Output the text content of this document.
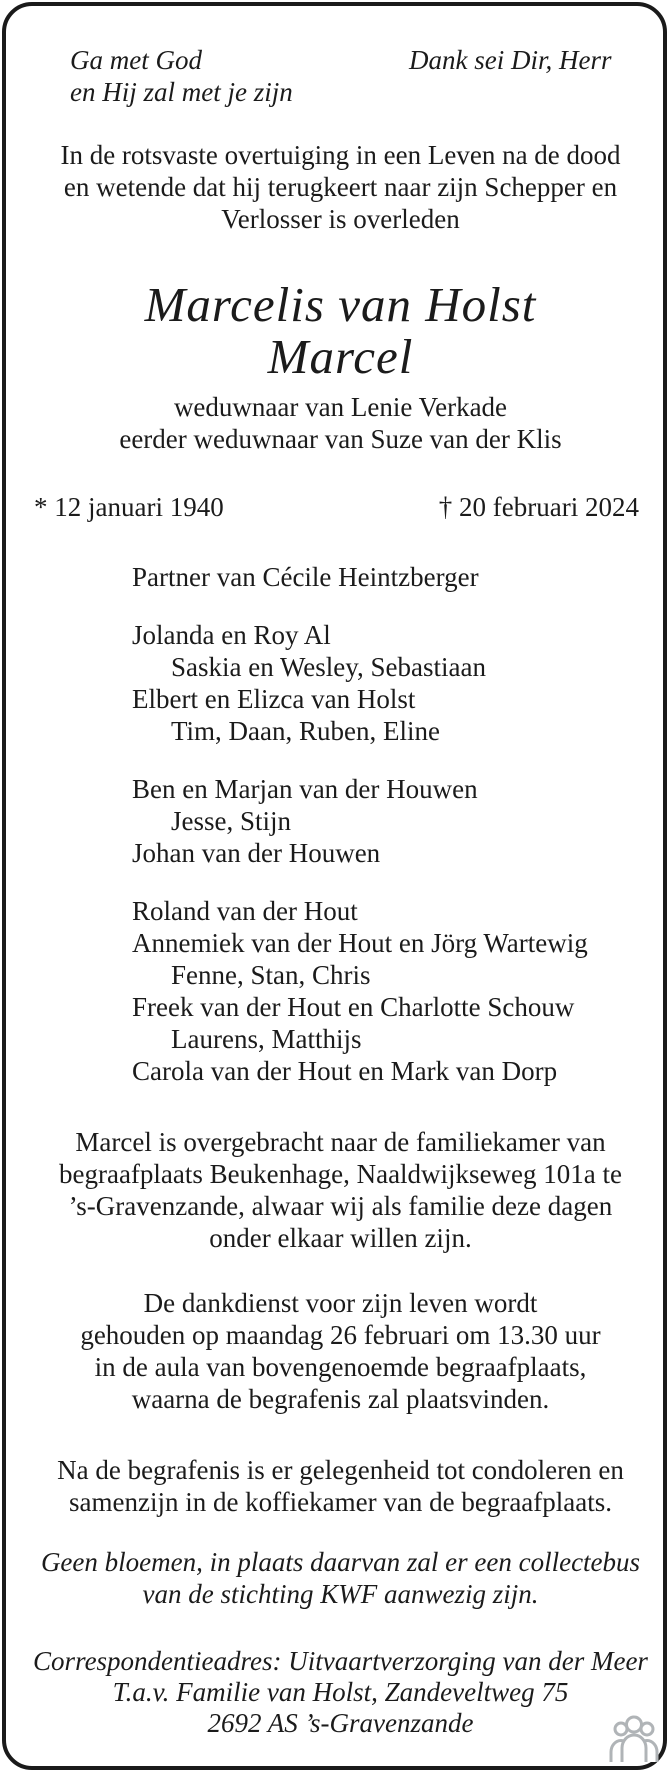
Ga met God
en Hij zal met je zijn
Dank sei Dir, Herr
In de rotsvaste overtuiging in een Leven na de dood
en wetende dat hij terugkeert naar zijn Schepper en
Verlosser is overleden
Marcelis van Holst
Marcel
weduwnaar van Lenie Verkade
eerder weduwnaar van Suze van der Klis
* 12 januari 1940	† 20 februari 2024
Partner van Cécile Heintzberger
Jolanda en Roy Al
Saskia en Wesley, Sebastiaan
Elbert en Elizca van Holst
Tim, Daan, Ruben, Eline
Ben en Marjan van der Houwen
Jesse, Stijn
Johan van der Houwen
Roland van der Hout
Annemiek van der Hout en Jörg Wartewig
Fenne, Stan, Chris
Freek van der Hout en Charlotte Schouw
Laurens, Matthijs
Carola van der Hout en Mark van Dorp
Marcel is overgebracht naar de familiekamer van
begraafplaats Beukenhage, Naaldwijkseweg 101a te
’s-Gravenzande, alwaar wij als familie deze dagen
onder elkaar willen zijn.
De dankdienst voor zijn leven wordt
gehouden op maandag 26 februari om 13.30 uur
in de aula van bovengenoemde begraafplaats,
waarna de begrafenis zal plaatsvinden.
Na de begrafenis is er gelegenheid tot condoleren en
samenzijn in de koffiekamer van de begraafplaats.
Geen bloemen, in plaats daarvan zal er een collectebus
van de stichting KWF aanwezig zijn.
Correspondentieadres: Uitvaartverzorging van der Meer
T.a.v. Familie van Holst, Zandeveltweg 75
2692 AS ’s-Gravenzande
